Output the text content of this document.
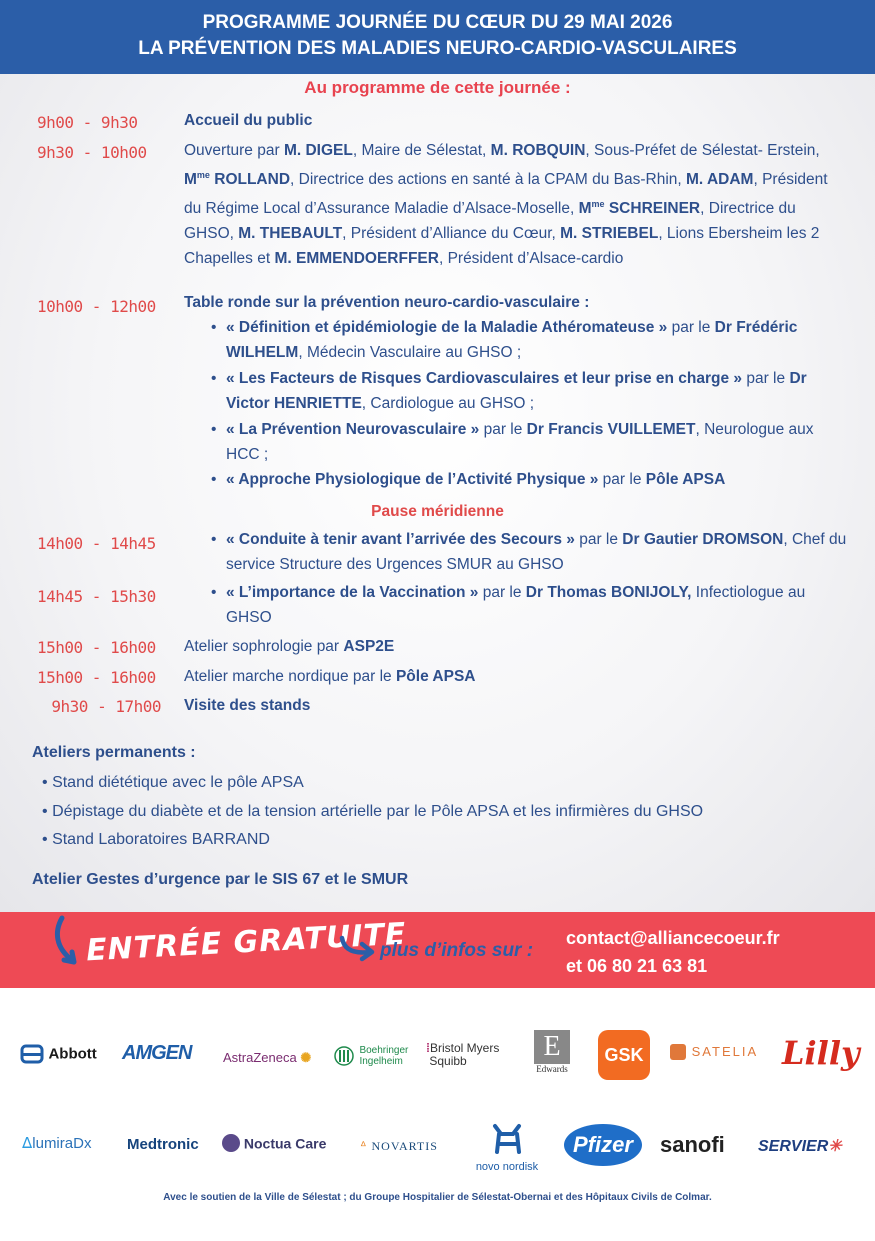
PROGRAMME JOURNÉE DU CŒUR DU 29 MAI 2026
LA PRÉVENTION DES MALADIES NEURO-CARDIO-VASCULAIRES
Au programme de cette journée :
9h00 - 9h30	Accueil du public
9h30 - 10h00 Ouverture par M. DIGEL, Maire de Sélestat, M. ROBQUIN, Sous-Préfet de Sélestat- Erstein, $M^{me}$ ROLLAND, Directrice des actions en santé à la CPAM du Bas-Rhin, M. ADAM, Président du Régime Local d’Assurance Maladie d’Alsace-Moselle, $M^{me}$ SCHREINER, Directrice du GHSO, M. THEBAULT, Président d’Alliance du Cœur, M. STRIEBEL, Lions Ebersheim les 2 Chapelles et M. EMMENDOERFFER, Président d’Alsace-cardio
10h00 - 12h00 Table ronde sur la prévention neuro-cardio-vasculaire :
• « Définition et épidémiologie de la Maladie Athéromateuse » par le Dr Frédéric WILHELM, Médecin Vasculaire au GHSO ;
• « Les Facteurs de Risques Cardiovasculaires et leur prise en charge » par le Dr Victor HENRIETTE, Cardiologue au GHSO ;
• « La Prévention Neurovasculaire » par le Dr Francis VUILLEMET, Neurologue aux HCC ;
• « Approche Physiologique de l’Activité Physique » par le Pôle APSA
Pause méridienne
14h00 - 14h45	• « Conduite à tenir avant l’arrivée des Secours » par le Dr Gautier DROMSON, Chef du service Structure des Urgences SMUR au GHSO
14h45 - 15h30	• « L’importance de la Vaccination » par le Dr Thomas BONIJOLY, Infectiologue au GHSO
15h00 - 16h00 Atelier sophrologie par ASP2E
15h00 - 16h00 Atelier marche nordique par le Pôle APSA
9h30 - 17h00 Visite des stands
Ateliers permanents :
• Stand diététique avec le pôle APSA
• Dépistage du diabète et de la tension artérielle par le Pôle APSA et les infirmières du GHSO
• Stand Laboratoires BARRAND
Atelier Gestes d’urgence par le SIS 67 et le SMUR
ENTRÉE GRATUITE
plus d’infos sur :
contact@alliancecoeur.fr
et 06 80 21 63 81
Abbott AMGEN AstraZeneca ✺	Boehringer
Ingelheim
⁞Bristol Myers
Squibb	E
Edwards
GSK	SATELIA Lilly
ᐃlumiraDx Medtronic	Noctua Care	ᐞ NOVARTIS
novo nordisk
Pfizer	sanofi SERVIER✳
Avec le soutien de la Ville de Sélestat ; du Groupe Hospitalier de Sélestat-Obernai et des Hôpitaux Civils de Colmar.
